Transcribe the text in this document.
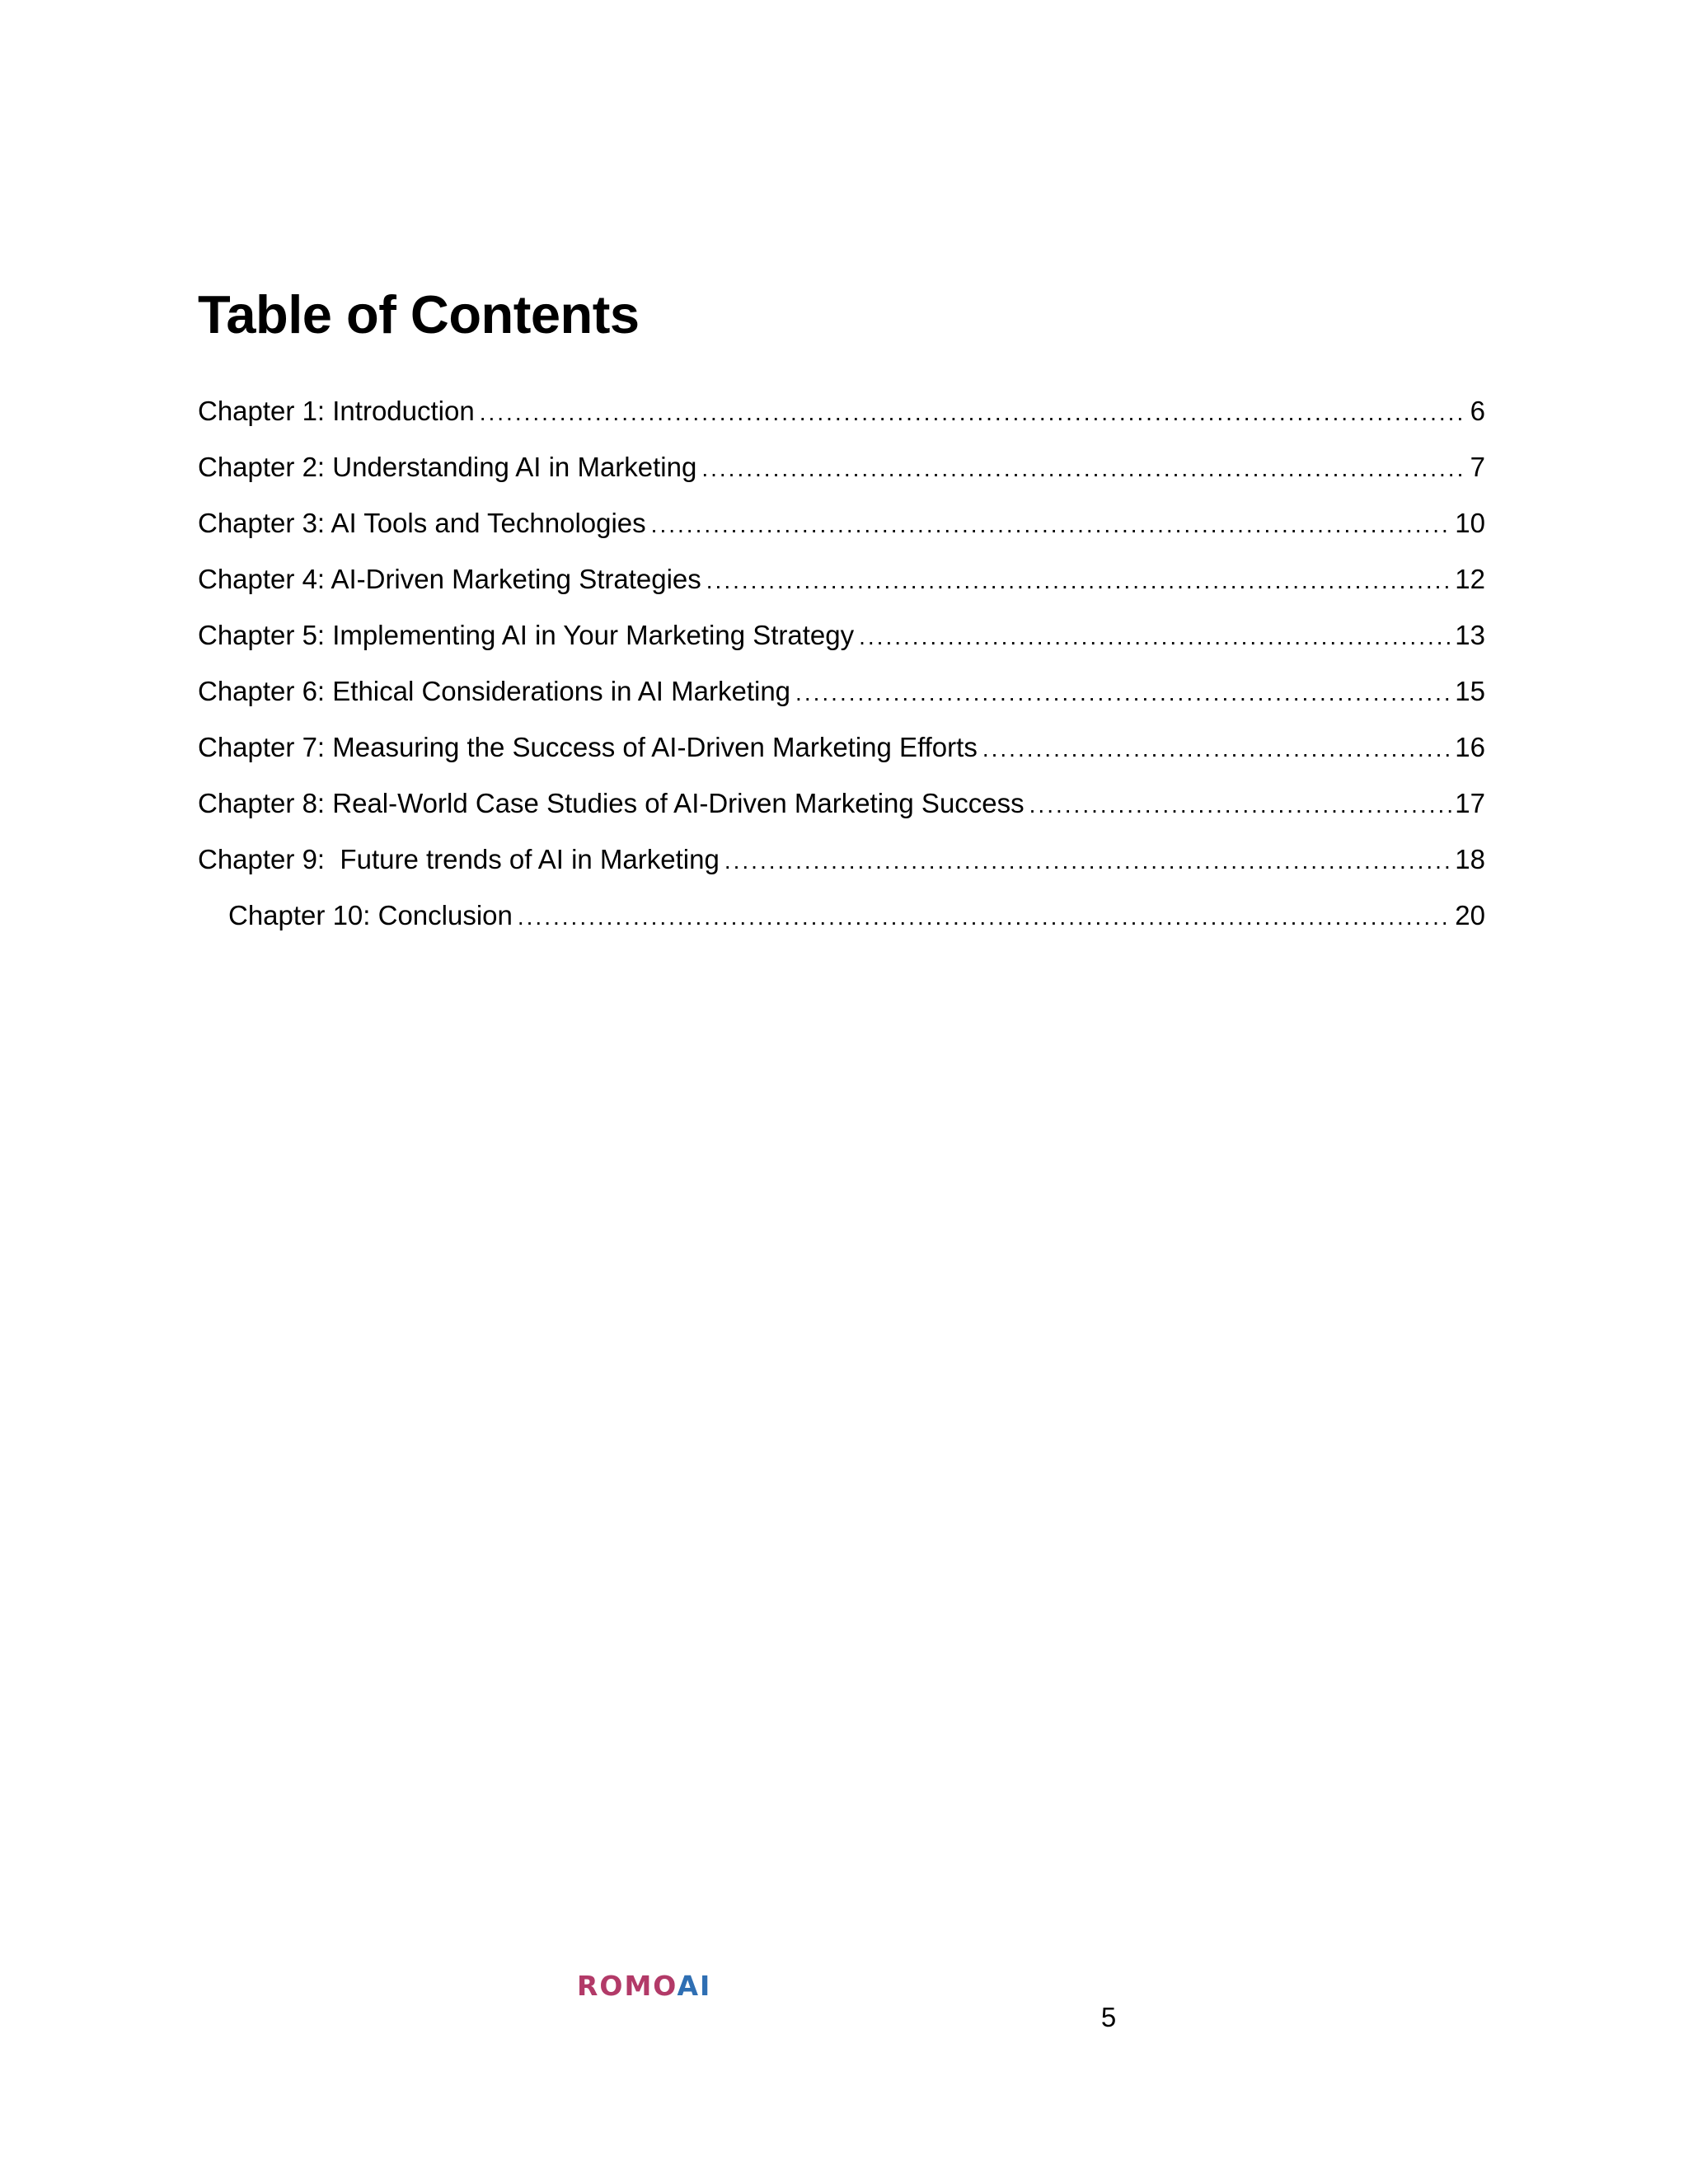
Table of Contents
Chapter 1: Introduction .....	6
Chapter 2: Understanding AI in Marketing .....	7
Chapter 3: AI Tools and Technologies .....	10
Chapter 4: AI-Driven Marketing Strategies .....	12
Chapter 5: Implementing AI in Your Marketing Strategy .....	13
Chapter 6: Ethical Considerations in AI Marketing .....	15
Chapter 7: Measuring the Success of AI-Driven Marketing Efforts .....	16
Chapter 8: Real-World Case Studies of AI-Driven Marketing Success .....	17
Chapter 9:  Future trends of AI in Marketing .....	18
Chapter 10: Conclusion .....	20
ROMOAI
5
